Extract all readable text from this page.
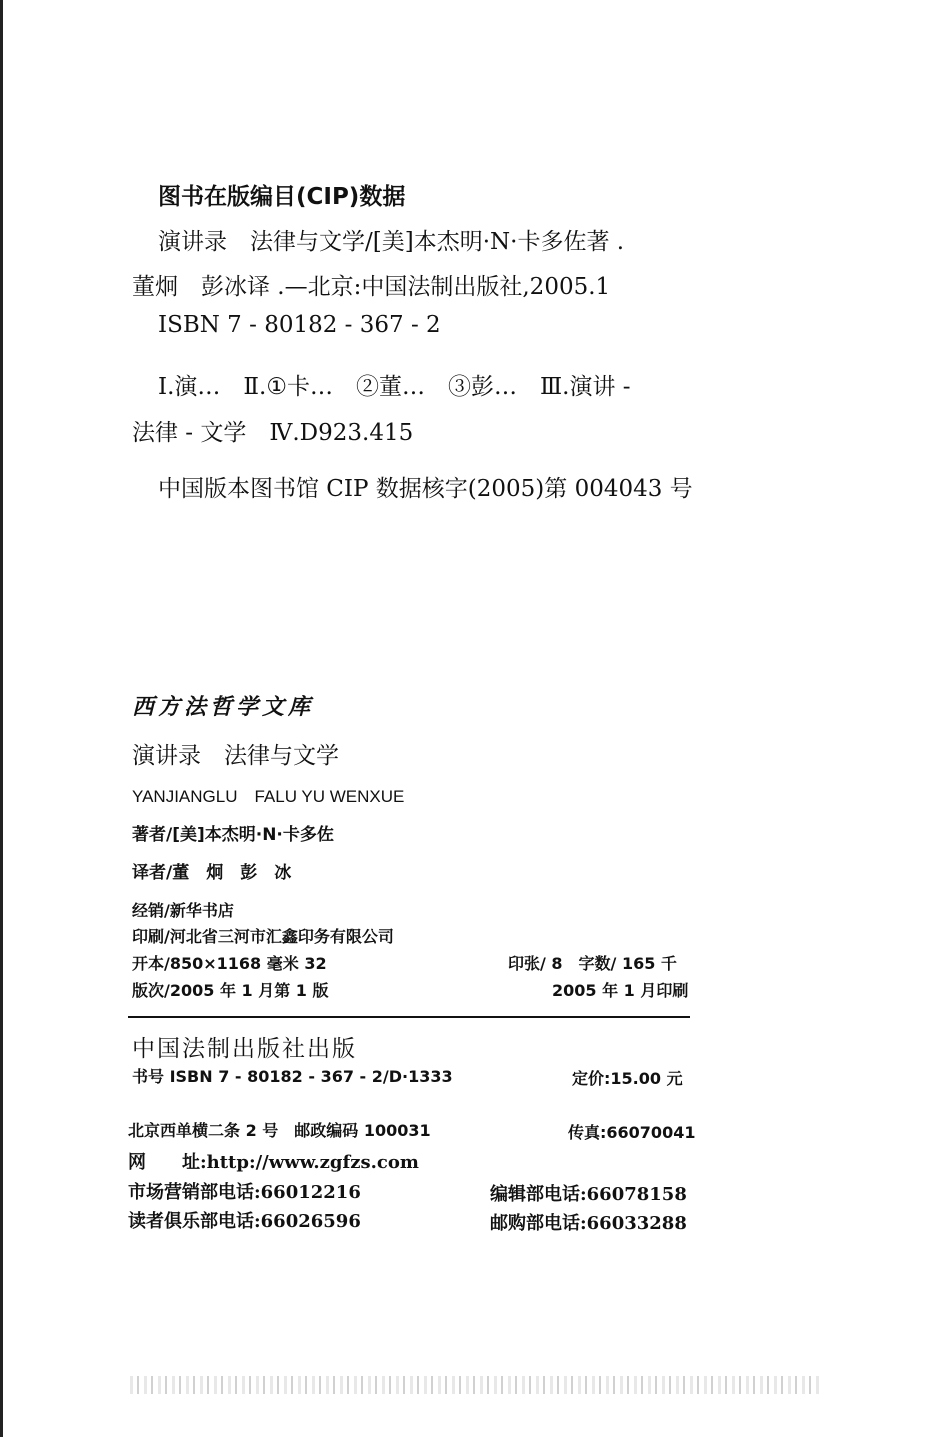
图书在版编目(CIP)数据
演讲录　法律与文学/[美]本杰明·N·卡多佐著 .
董炯　彭冰译 .—北京:中国法制出版社,2005.1
ISBN 7 - 80182 - 367 - 2
Ⅰ.演…　Ⅱ.①卡…　②董…　③彭…　Ⅲ.演讲 -
法律 - 文学　Ⅳ.D923.415
中国版本图书馆 CIP 数据核字(2005)第 004043 号
西方法哲学文库
演讲录　法律与文学
YANJIANGLU　FALU YU WENXUE
著者/[美]本杰明·N·卡多佐
译者/董　炯　彭　冰
经销/新华书店
印刷/河北省三河市汇鑫印务有限公司
开本/850×1168 毫米 32	印张/ 8　字数/ 165 千
版次/2005 年 1 月第 1 版	2005 年 1 月印刷
中国法制出版社出版
书号 ISBN 7 - 80182 - 367 - 2/D·1333	定价:15.00 元
北京西单横二条 2 号　邮政编码 100031	传真:66070041
网　　址:http://www.zgfzs.com
市场营销部电话:66012216	编辑部电话:66078158
读者俱乐部电话:66026596	邮购部电话:66033288
